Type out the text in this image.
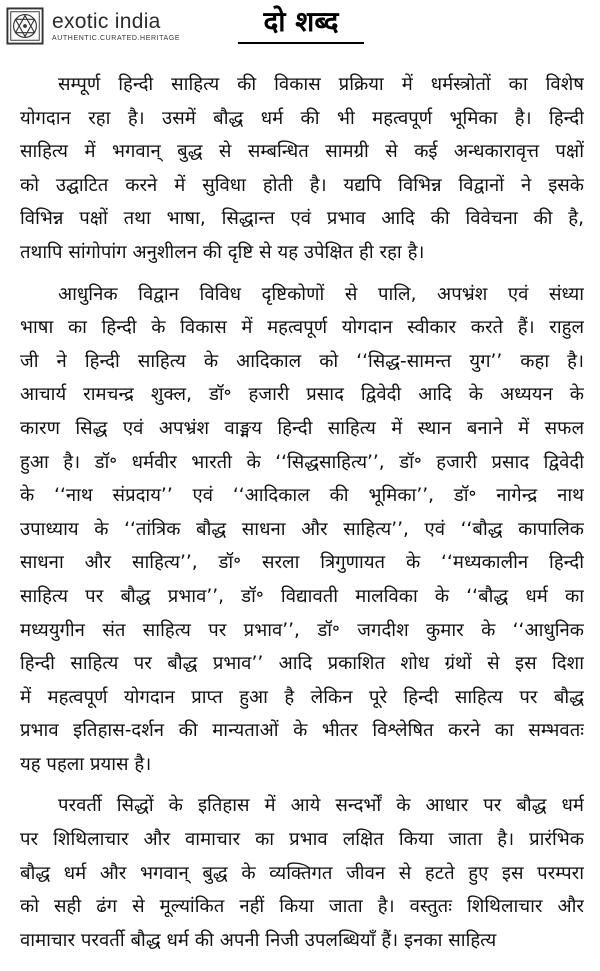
exotic india
AUTHENTIC.CURATED.HERITAGE	दो शब्द
सम्पूर्ण हिन्दी साहित्य की विकास प्रक्रिया में धर्मस्त्रोतों का विशेष
योगदान रहा है। उसमें बौद्ध धर्म की भी महत्वपूर्ण भूमिका है। हिन्दी
साहित्य में भगवान् बुद्ध से सम्बन्धित सामग्री से कई अन्धकारावृत्त पक्षों
को उद्घाटित करने में सुविधा होती है। यद्यपि विभिन्न विद्वानों ने इसके
विभिन्न पक्षों तथा भाषा, सिद्धान्त एवं प्रभाव आदि की विवेचना की है,
तथापि सांगोपांग अनुशीलन की दृष्टि से यह उपेक्षित ही रहा है।
आधुनिक विद्वान विविध दृष्टिकोणों से पालि, अपभ्रंश एवं संध्या
भाषा का हिन्दी के विकास में महत्वपूर्ण योगदान स्वीकार करते हैं। राहुल
जी ने हिन्दी साहित्य के आदिकाल को ‘‘सिद्ध-सामन्त युग’’ कहा है।
आचार्य रामचन्द्र शुक्ल, डॉ॰ हजारी प्रसाद द्विवेदी आदि के अध्ययन के
कारण सिद्ध एवं अपभ्रंश वाङ्मय हिन्दी साहित्य में स्थान बनाने में सफल
हुआ है। डॉ॰ धर्मवीर भारती के ‘‘सिद्धसाहित्य’’, डॉ॰ हजारी प्रसाद द्विवेदी
के ‘‘नाथ संप्रदाय’’ एवं ‘‘आदिकाल की भूमिका’’, डॉ॰ नागेन्द्र नाथ
उपाध्याय के ‘‘तांत्रिक बौद्ध साधना और साहित्य’’, एवं ‘‘बौद्ध कापालिक
साधना और साहित्य’’, डॉ॰ सरला त्रिगुणायत के ‘‘मध्यकालीन हिन्दी
साहित्य पर बौद्ध प्रभाव’’, डॉ॰ विद्यावती मालविका के ‘‘बौद्ध धर्म का
मध्ययुगीन संत साहित्य पर प्रभाव’’, डॉ॰ जगदीश कुमार के ‘‘आधुनिक
हिन्दी साहित्य पर बौद्ध प्रभाव’’ आदि प्रकाशित शोध ग्रंथों से इस दिशा
में महत्वपूर्ण योगदान प्राप्त हुआ है लेकिन पूरे हिन्दी साहित्य पर बौद्ध
प्रभाव इतिहास-दर्शन की मान्यताओं के भीतर विश्लेषित करने का सम्भवतः
यह पहला प्रयास है।
परवर्ती सिद्धों के इतिहास में आये सन्दर्भों के आधार पर बौद्ध धर्म
पर शिथिलाचार और वामाचार का प्रभाव लक्षित किया जाता है। प्रारंभिक
बौद्ध धर्म और भगवान् बुद्ध के व्यक्तिगत जीवन से हटते हुए इस परम्परा
को सही ढंग से मूल्यांकित नहीं किया जाता है। वस्तुतः शिथिलाचार और
वामाचार परवर्ती बौद्ध धर्म की अपनी निजी उपलब्धियाँ हैं। इनका साहित्य
